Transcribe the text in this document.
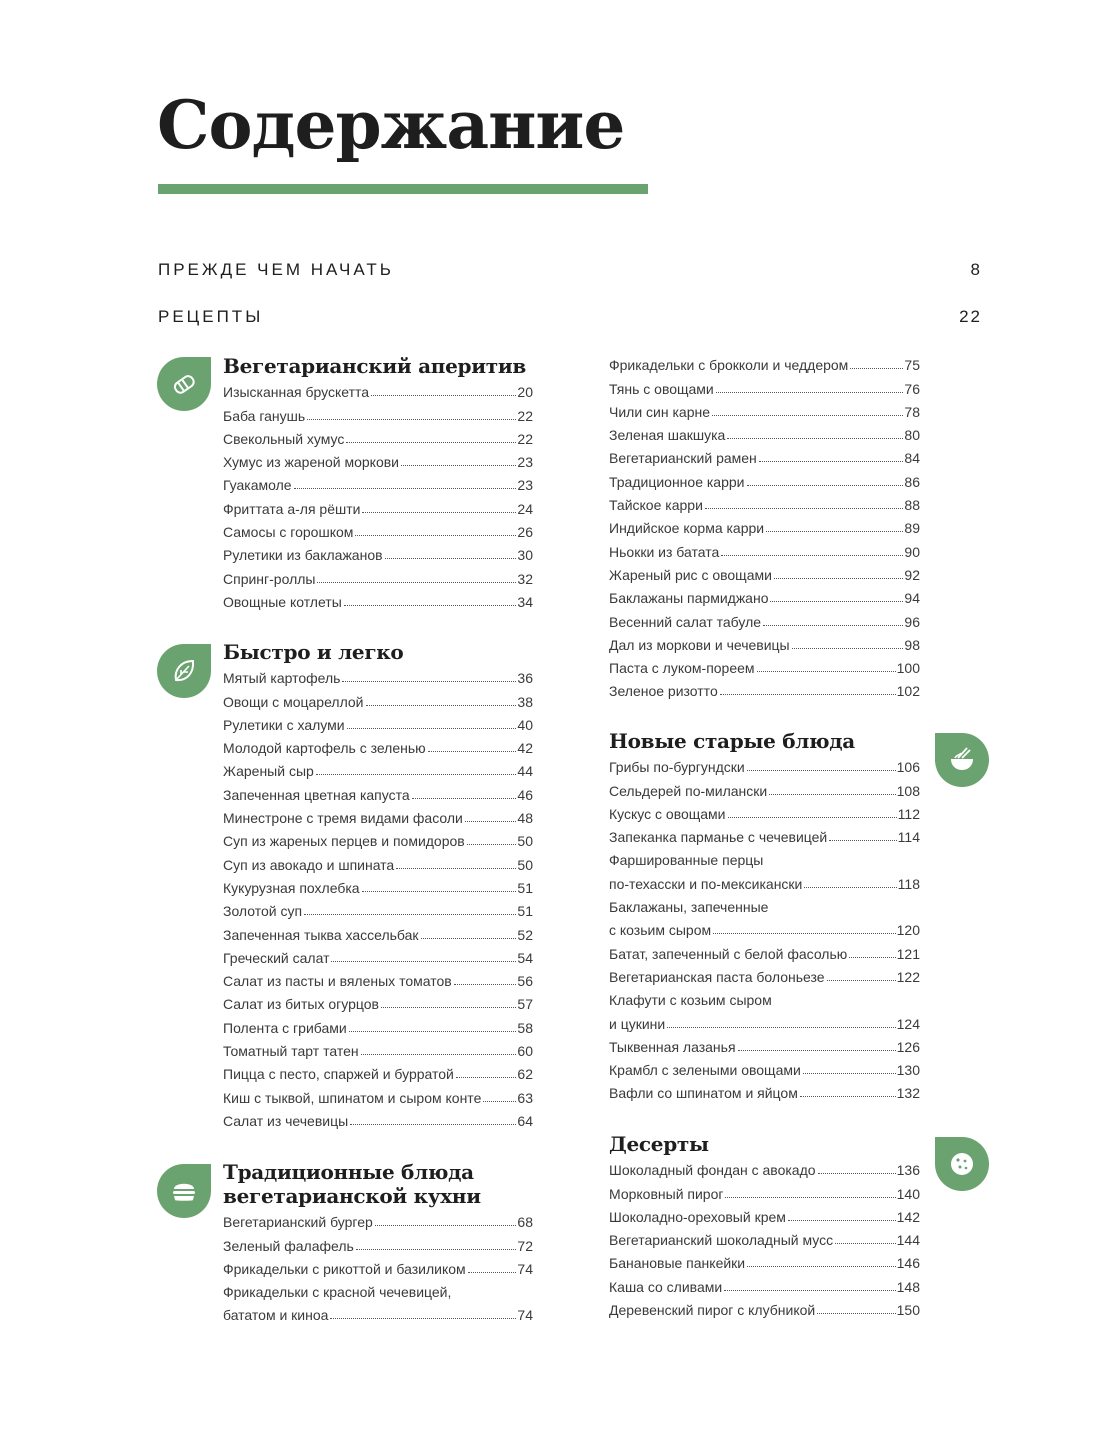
Содержание
ПРЕЖДЕ ЧЕМ НАЧАТЬ	8
РЕЦЕПТЫ	22
Вегетарианский аперитив
Изысканная брускетта	20
Баба ганушь	22
Свекольный хумус	22
Хумус из жареной моркови	23
Гуакамоле	23
Фриттата а-ля рёшти	24
Самосы с горошком	26
Рулетики из баклажанов	30
Спринг-роллы	32
Овощные котлеты	34
Быстро и легко
Мятый картофель	36
Овощи с моцареллой	38
Рулетики с халуми	40
Молодой картофель с зеленью	42
Жареный сыр	44
Запеченная цветная капуста	46
Минестроне с тремя видами фасоли	48
Суп из жареных перцев и помидоров	50
Суп из авокадо и шпината	50
Кукурузная похлебка	51
Золотой суп	51
Запеченная тыква хассельбак	52
Греческий салат	54
Салат из пасты и вяленых томатов	56
Салат из битых огурцов	57
Полента с грибами	58
Томатный тарт татен	60
Пицца с песто, спаржей и бурратой	62
Киш с тыквой, шпинатом и сыром конте	63
Салат из чечевицы	64
Традиционные блюда
вегетарианской кухни
Вегетарианский бургер	68
Зеленый фалафель	72
Фрикадельки с рикоттой и базиликом	74
Фрикадельки с красной чечевицей,
бататом и киноа	74
Фрикадельки с брокколи и чеддером	75
Тянь с овощами	76
Чили син карне	78
Зеленая шакшука	80
Вегетарианский рамен	84
Традиционное карри	86
Тайское карри	88
Индийское корма карри	89
Ньокки из батата	90
Жареный рис с овощами	92
Баклажаны пармиджано	94
Весенний салат табуле	96
Дал из моркови и чечевицы	98
Паста с луком-пореем	100
Зеленое ризотто	102
Новые старые блюда
Грибы по-бургундски	106
Сельдерей по-милански	108
Кускус с овощами	112
Запеканка парманье с чечевицей	114
Фаршированные перцы
по-техасски и по-мексикански	118
Баклажаны, запеченные
с козьим сыром	120
Батат, запеченный с белой фасолью	121
Вегетарианская паста болоньезе	122
Клафути с козьим сыром
и цукини	124
Тыквенная лазанья	126
Крамбл с зелеными овощами	130
Вафли со шпинатом и яйцом	132
Десерты
Шоколадный фондан с авокадо	136
Морковный пирог	140
Шоколадно-ореховый крем	142
Вегетарианский шоколадный мусс	144
Банановые панкейки	146
Каша со сливами	148
Деревенский пирог с клубникой	150
